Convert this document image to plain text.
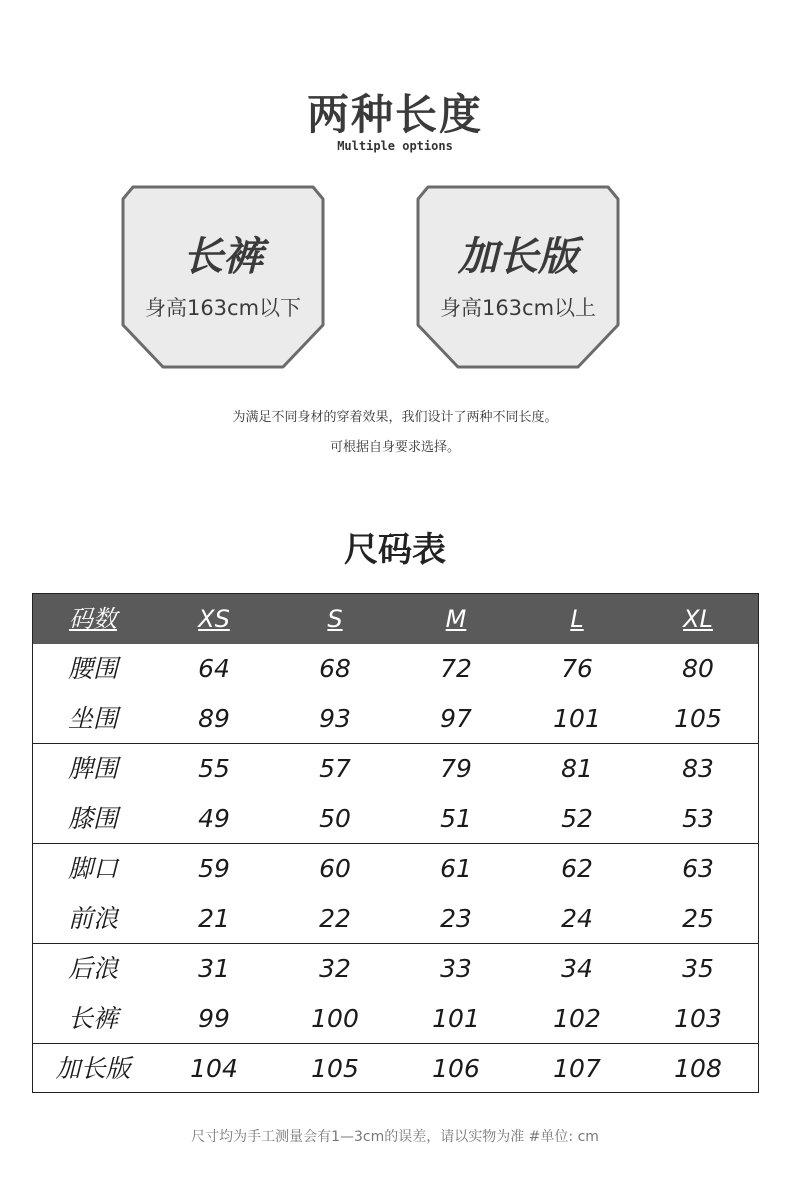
两种长度
Multiple options
长裤
身高163cm以下
加长版
身高163cm以上
为满足不同身材的穿着效果，我们设计了两种不同长度。
可根据自身要求选择。
尺码表
码数	XS	S	M	L	XL
腰围	64	68	72	76	80
坐围	89	93	97	101	105
脾围	55	57	79	81	83
膝围	49	50	51	52	53
脚口	59	60	61	62	63
前浪	21	22	23	24	25
后浪	31	32	33	34	35
长裤	99	100	101	102	103
加长版	104	105	106	107	108
尺寸均为手工测量会有1—3cm的误差，请以实物为准 #单位: cm
